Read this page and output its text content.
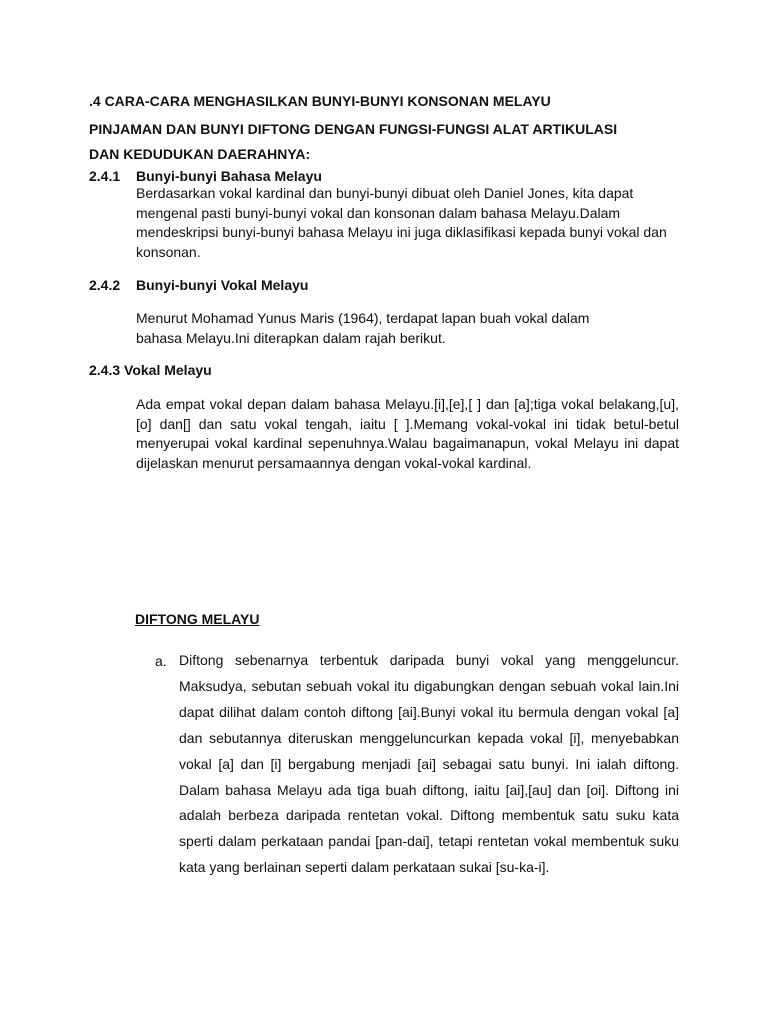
.4 CARA-CARA MENGHASILKAN BUNYI-BUNYI KONSONAN MELAYU
PINJAMAN DAN BUNYI DIFTONG DENGAN FUNGSI-FUNGSI ALAT ARTIKULASI
DAN KEDUDUKAN DAERAHNYA:
2.4.1 Bunyi-bunyi Bahasa Melayu
Berdasarkan vokal kardinal dan bunyi-bunyi dibuat oleh Daniel Jones, kita dapat mengenal pasti bunyi-bunyi vokal dan konsonan dalam bahasa Melayu.Dalam mendeskripsi bunyi-bunyi bahasa Melayu ini juga diklasifikasi kepada bunyi vokal dan konsonan.
2.4.2 Bunyi-bunyi Vokal Melayu
Menurut Mohamad Yunus Maris (1964), terdapat lapan buah vokal dalam bahasa Melayu.Ini diterapkan dalam rajah berikut.
2.4.3 Vokal Melayu
Ada empat vokal depan dalam bahasa Melayu.[i],[e],[ ] dan [a];tiga vokal belakang,[u],[o] dan[] dan satu vokal tengah, iaitu [ ].Memang vokal-vokal ini tidak betul-betul menyerupai vokal kardinal sepenuhnya.Walau bagaimanapun, vokal Melayu ini dapat dijelaskan menurut persamaannya dengan vokal-vokal kardinal.
DIFTONG MELAYU
a. Diftong sebenarnya terbentuk daripada bunyi vokal yang menggeluncur. Maksudya, sebutan sebuah vokal itu digabungkan dengan sebuah vokal lain.Ini dapat dilihat dalam contoh diftong [ai].Bunyi vokal itu bermula dengan vokal [a] dan sebutannya diteruskan menggeluncurkan kepada vokal [i], menyebabkan vokal [a] dan [i] bergabung menjadi [ai] sebagai satu bunyi. Ini ialah diftong. Dalam bahasa Melayu ada tiga buah diftong, iaitu [ai],[au] dan [oi]. Diftong ini adalah berbeza daripada rentetan vokal. Diftong membentuk satu suku kata sperti dalam perkataan pandai [pan-dai], tetapi rentetan vokal membentuk suku kata yang berlainan seperti dalam perkataan sukai [su-ka-i].
